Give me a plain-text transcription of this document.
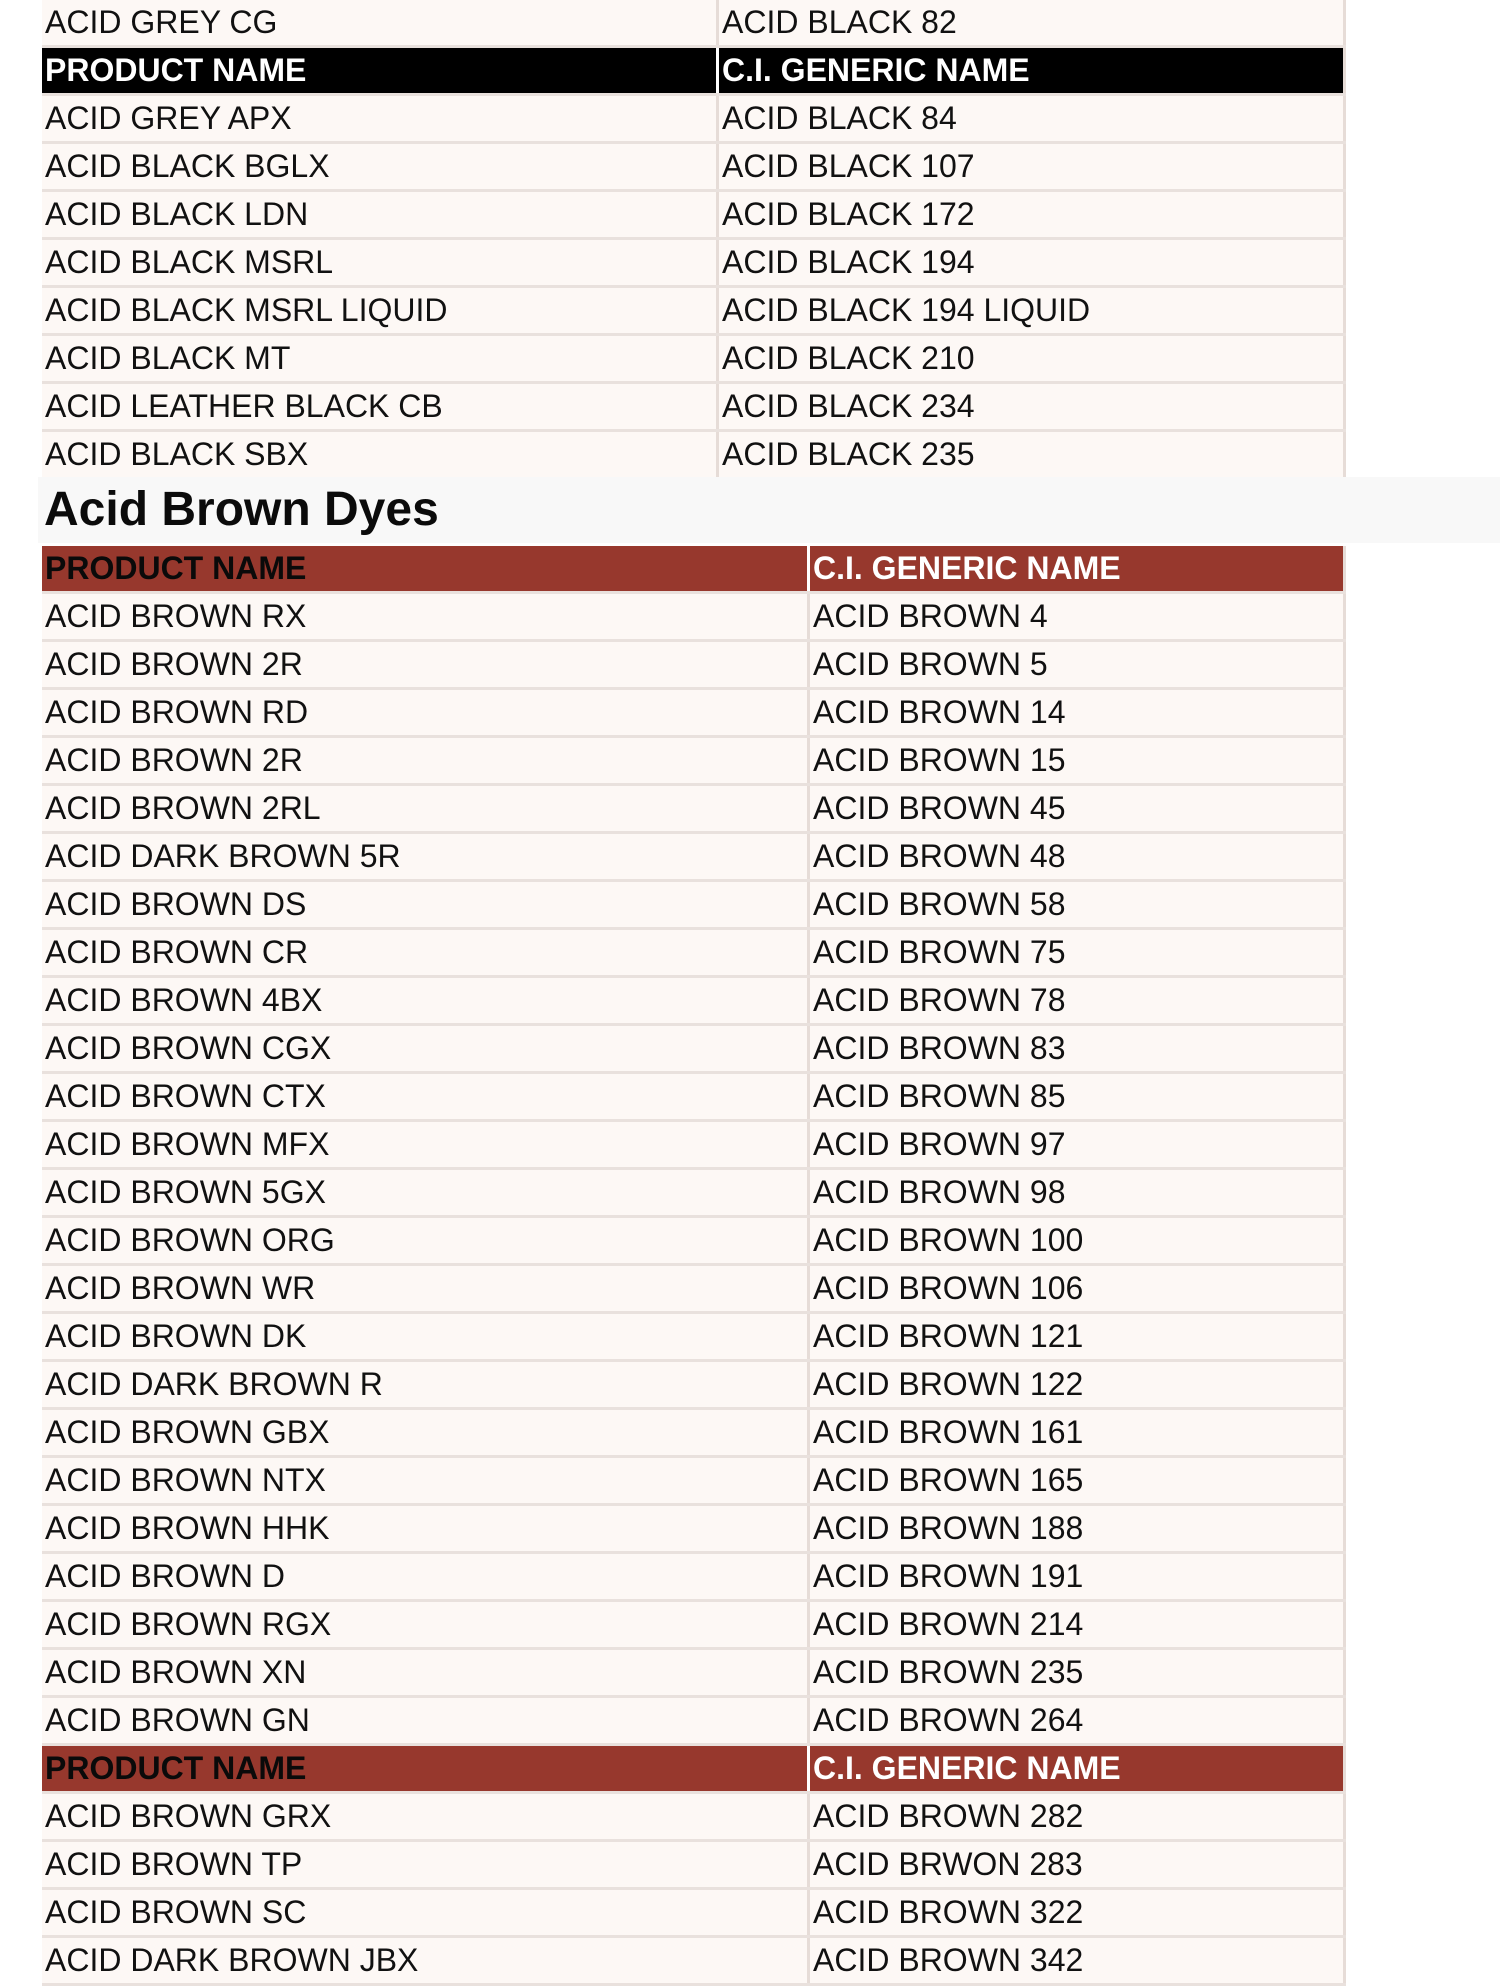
ACID GREY CG	ACID BLACK 82
PRODUCT NAME	C.I. GENERIC NAME
ACID GREY APX	ACID BLACK 84
ACID BLACK BGLX	ACID BLACK 107
ACID BLACK LDN	ACID BLACK 172
ACID BLACK MSRL	ACID BLACK 194
ACID BLACK MSRL LIQUID	ACID BLACK 194 LIQUID
ACID BLACK MT	ACID BLACK 210
ACID LEATHER BLACK CB	ACID BLACK 234
ACID BLACK SBX	ACID BLACK 235
Acid Brown Dyes
PRODUCT NAME	C.I. GENERIC NAME
ACID BROWN RX	ACID BROWN 4
ACID BROWN 2R	ACID BROWN 5
ACID BROWN RD	ACID BROWN 14
ACID BROWN 2R	ACID BROWN 15
ACID BROWN 2RL	ACID BROWN 45
ACID DARK BROWN 5R	ACID BROWN 48
ACID BROWN DS	ACID BROWN 58
ACID BROWN CR	ACID BROWN 75
ACID BROWN 4BX	ACID BROWN 78
ACID BROWN CGX	ACID BROWN 83
ACID BROWN CTX	ACID BROWN 85
ACID BROWN MFX	ACID BROWN 97
ACID BROWN 5GX	ACID BROWN 98
ACID BROWN ORG	ACID BROWN 100
ACID BROWN WR	ACID BROWN 106
ACID BROWN DK	ACID BROWN 121
ACID DARK BROWN R	ACID BROWN 122
ACID BROWN GBX	ACID BROWN 161
ACID BROWN NTX	ACID BROWN 165
ACID BROWN HHK	ACID BROWN 188
ACID BROWN D	ACID BROWN 191
ACID BROWN RGX	ACID BROWN 214
ACID BROWN XN	ACID BROWN 235
ACID BROWN GN	ACID BROWN 264
PRODUCT NAME	C.I. GENERIC NAME
ACID BROWN GRX	ACID BROWN 282
ACID BROWN TP	ACID BRWON 283
ACID BROWN SC	ACID BROWN 322
ACID DARK BROWN JBX	ACID BROWN 342
